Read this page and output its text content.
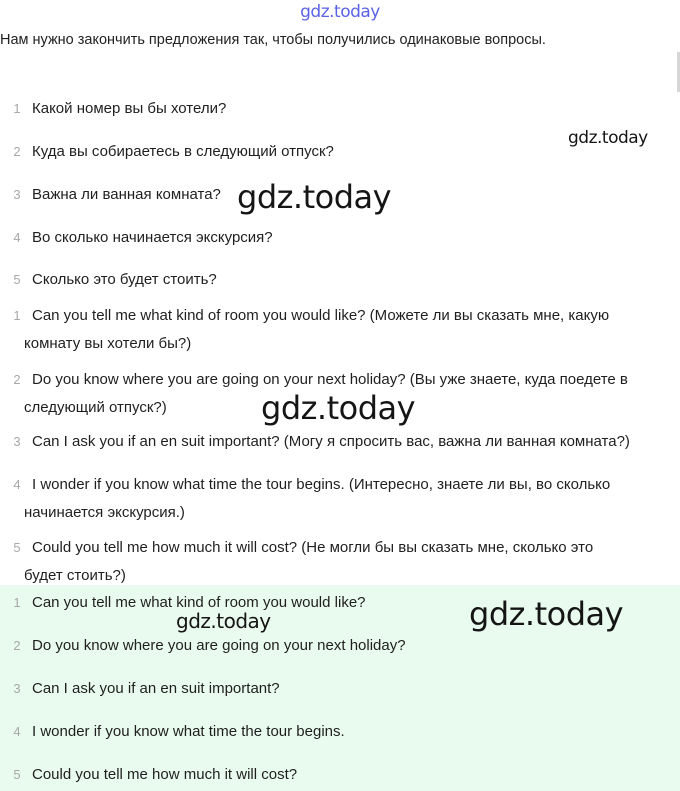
gdz.today
Нам нужно закончить предложения так, чтобы получились одинаковые вопросы.
1 Какой номер вы бы хотели?
2 Куда вы собираетесь в следующий отпуск?
3 Важна ли ванная комната?
4 Во сколько начинается экскурсия?
5 Сколько это будет стоить?
1 Can you tell me what kind of room you would like? (Можете ли вы сказать мне, какую
комнату вы хотели бы?)
2 Do you know where you are going on your next holiday? (Вы уже знаете, куда поедете в
следующий отпуск?)
3 Can I ask you if an en suit important? (Могу я спросить вас, важна ли ванная комната?)
4 I wonder if you know what time the tour begins. (Интересно, знаете ли вы, во сколько
начинается экскурсия.)
5 Could you tell me how much it will cost? (Не могли бы вы сказать мне, сколько это
будет стоить?)
1 Can you tell me what kind of room you would like?
2 Do you know where you are going on your next holiday?
3 Can I ask you if an en suit important?
4 I wonder if you know what time the tour begins.
5 Could you tell me how much it will cost?
gdz.today
gdz.today
gdz.today
gdz.today
gdz.today
